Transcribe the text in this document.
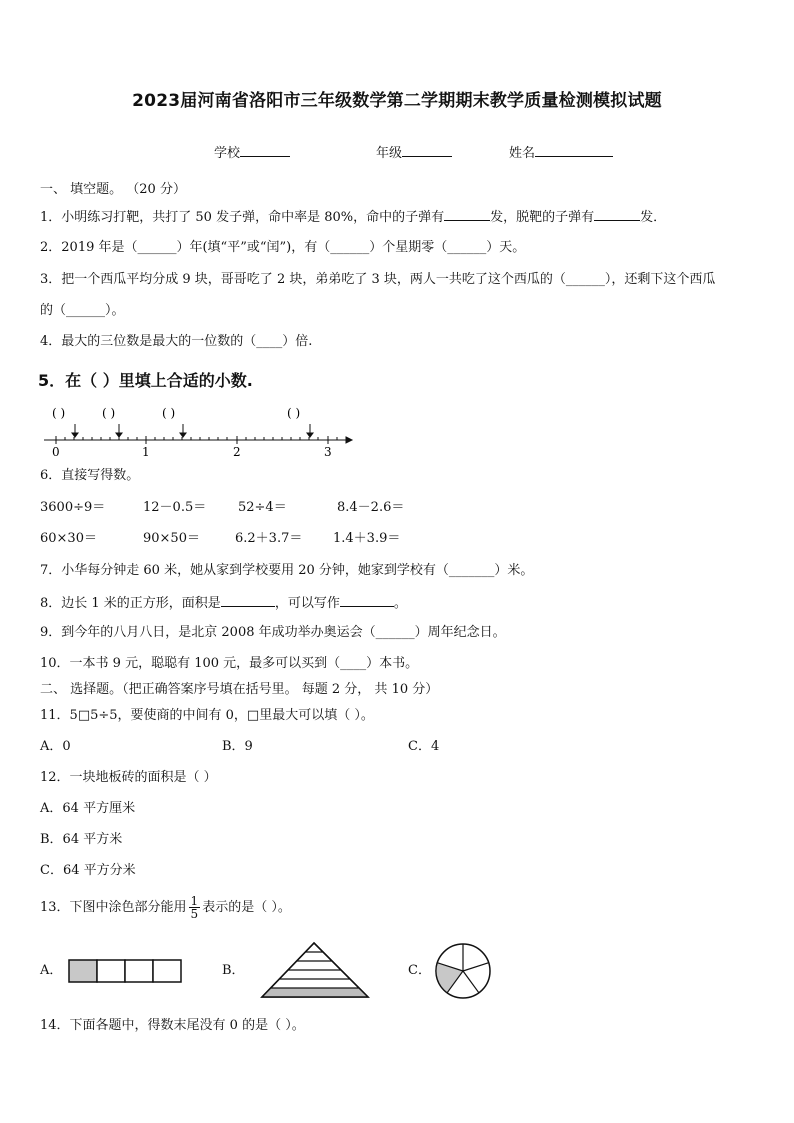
2023届河南省洛阳市三年级数学第二学期期末教学质量检测模拟试题
学校	年级	姓名
一、 填空题。 （20 分）
1．小明练习打靶，共打了 50 发子弹，命中率是 80%，命中的子弹有	发，脱靶的子弹有	发．
2．2019 年是（______）年(填“平”或“闰”)，有（______）个星期零（______）天。
3．把一个西瓜平均分成 9 块，哥哥吃了 2 块，弟弟吃了 3 块，两人一共吃了这个西瓜的（______），还剩下这个西瓜
的（______）。
4．最大的三位数是最大的一位数的（____）倍.
5．在（ ）里填上合适的小数.
( )	( )	( )	( )
0	1	2	3
6．直接写得数。
3600÷9＝	12－0.5＝ 52÷4＝	8.4－2.6＝
60×30＝	90×50＝	6.2＋3.7＝ 1.4＋3.9＝
7．小华每分钟走 60 米，她从家到学校要用 20 分钟，她家到学校有（_______）米。
8．边长 1 米的正方形，面积是	，可以写作	。
9．到今年的八月八日，是北京 2008 年成功举办奥运会（______）周年纪念日。
10．一本书 9 元，聪聪有 100 元，最多可以买到（____）本书。
二、 选择题。（把正确答案序号填在括号里。 每题 2 分， 共 10 分）
11．5□5÷5，要使商的中间有 0，□里最大可以填（ ）。
A．0	B．9	C．4
12．一块地板砖的面积是（ ）
A．64 平方厘米
B．64 平方米
C．64 平方分米
13．下图中涂色部分能用 $\frac{1}{5}$ 表示的是（ ）。
A．	B．	C．
14．下面各题中，得数末尾没有 0 的是（ ）。
